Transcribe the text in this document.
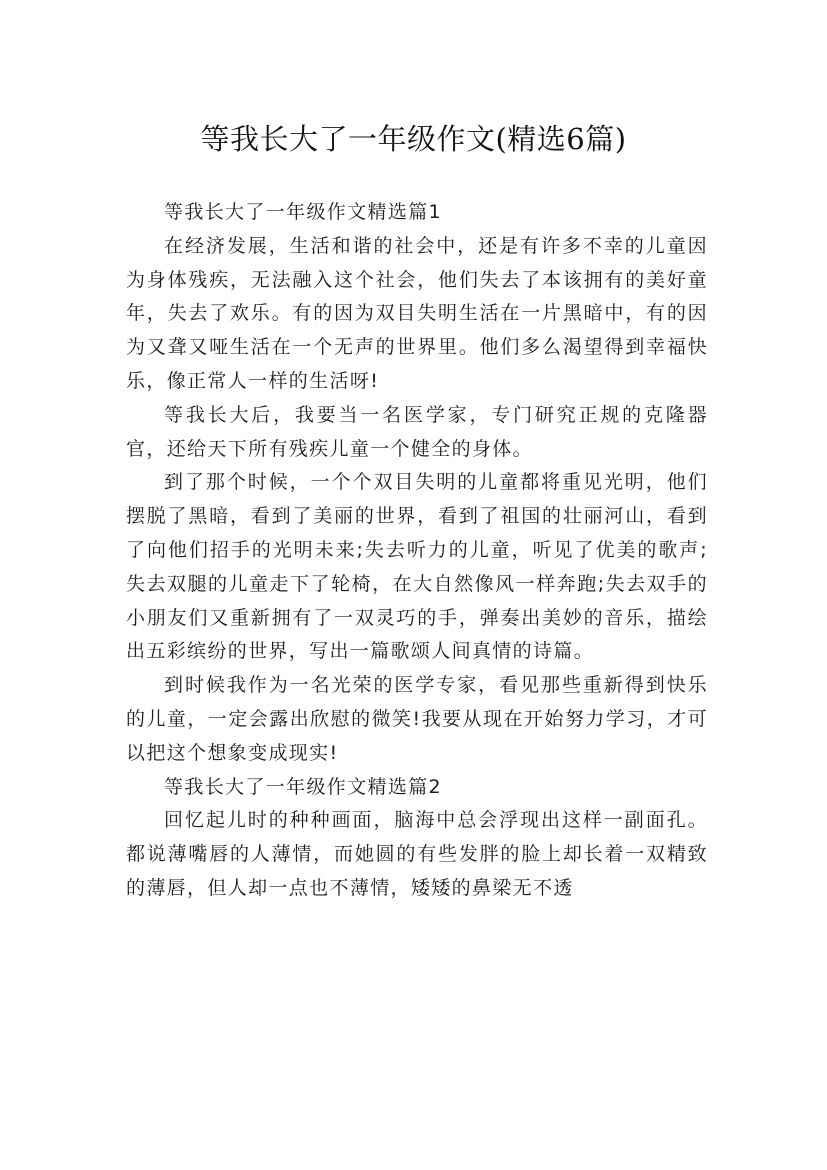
等我长大了一年级作文(精选6篇)

等我长大了一年级作文精选篇1

在经济发展，生活和谐的社会中，还是有许多不幸的儿童因为身体残疾，无法融入这个社会，他们失去了本该拥有的美好童年，失去了欢乐。有的因为双目失明生活在一片黑暗中，有的因为又聋又哑生活在一个无声的世界里。他们多么渴望得到幸福快乐，像正常人一样的生活呀!

等我长大后，我要当一名医学家，专门研究正规的克隆器官，还给天下所有残疾儿童一个健全的身体。

到了那个时候，一个个双目失明的儿童都将重见光明，他们摆脱了黑暗，看到了美丽的世界，看到了祖国的壮丽河山，看到了向他们招手的光明未来;失去听力的儿童，听见了优美的歌声;失去双腿的儿童走下了轮椅，在大自然像风一样奔跑;失去双手的小朋友们又重新拥有了一双灵巧的手，弹奏出美妙的音乐，描绘出五彩缤纷的世界，写出一篇歌颂人间真情的诗篇。

到时候我作为一名光荣的医学专家，看见那些重新得到快乐的儿童，一定会露出欣慰的微笑!我要从现在开始努力学习，才可以把这个想象变成现实!

等我长大了一年级作文精选篇2

回忆起儿时的种种画面，脑海中总会浮现出这样一副面孔。都说薄嘴唇的人薄情，而她圆的有些发胖的脸上却长着一双精致的薄唇，但人却一点也不薄情，矮矮的鼻梁无不透
